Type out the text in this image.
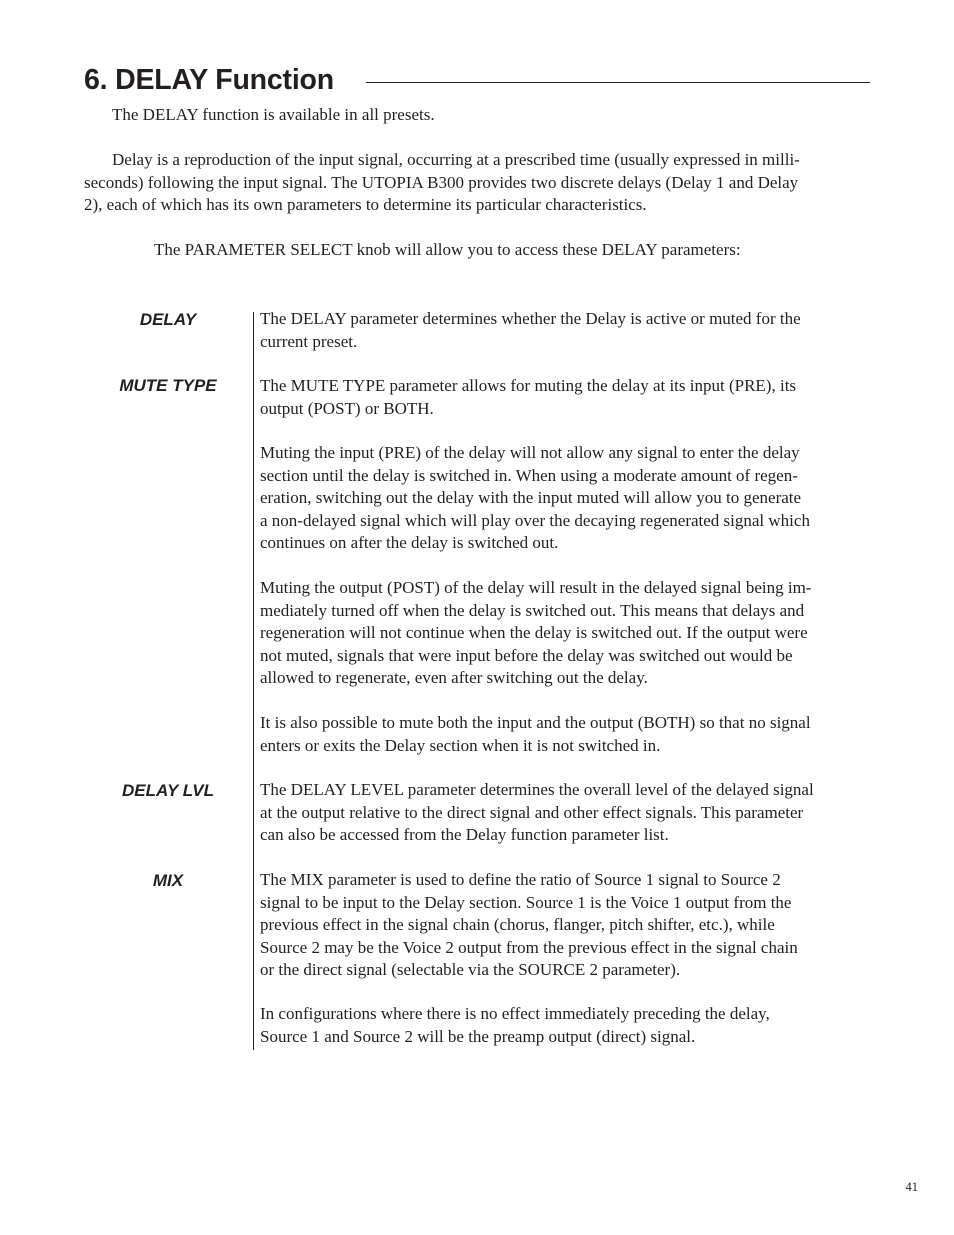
6. DELAY Function

The DELAY function is available in all presets.

Delay is a reproduction of the input signal, occurring at a prescribed time (usually expressed in milli-
seconds) following the input signal. The UTOPIA B300 provides two discrete delays (Delay 1 and Delay
2), each of which has its own parameters to determine its particular characteristics.

The PARAMETER SELECT knob will allow you to access these DELAY parameters:

DELAY
MUTE TYPE
DELAY LVL
MIX

The DELAY parameter determines whether the Delay is active or muted for the
current preset.

The MUTE TYPE parameter allows for muting the delay at its input (PRE), its
output (POST) or BOTH.

Muting the input (PRE) of the delay will not allow any signal to enter the delay
section until the delay is switched in. When using a moderate amount of regen-
eration, switching out the delay with the input muted will allow you to generate
a non-delayed signal which will play over the decaying regenerated signal which
continues on after the delay is switched out.

Muting the output (POST) of the delay will result in the delayed signal being im-
mediately turned off when the delay is switched out. This means that delays and
regeneration will not continue when the delay is switched out. If the output were
not muted, signals that were input before the delay was switched out would be
allowed to regenerate, even after switching out the delay.

It is also possible to mute both the input and the output (BOTH) so that no signal
enters or exits the Delay section when it is not switched in.

The DELAY LEVEL parameter determines the overall level of the delayed signal
at the output relative to the direct signal and other effect signals. This parameter
can also be accessed from the Delay function parameter list.

The MIX parameter is used to define the ratio of Source 1 signal to Source 2
signal to be input to the Delay section. Source 1 is the Voice 1 output from the
previous effect in the signal chain (chorus, flanger, pitch shifter, etc.), while
Source 2 may be the Voice 2 output from the previous effect in the signal chain
or the direct signal (selectable via the SOURCE 2 parameter).

In configurations where there is no effect immediately preceding the delay,
Source 1 and Source 2 will be the preamp output (direct) signal.

41
